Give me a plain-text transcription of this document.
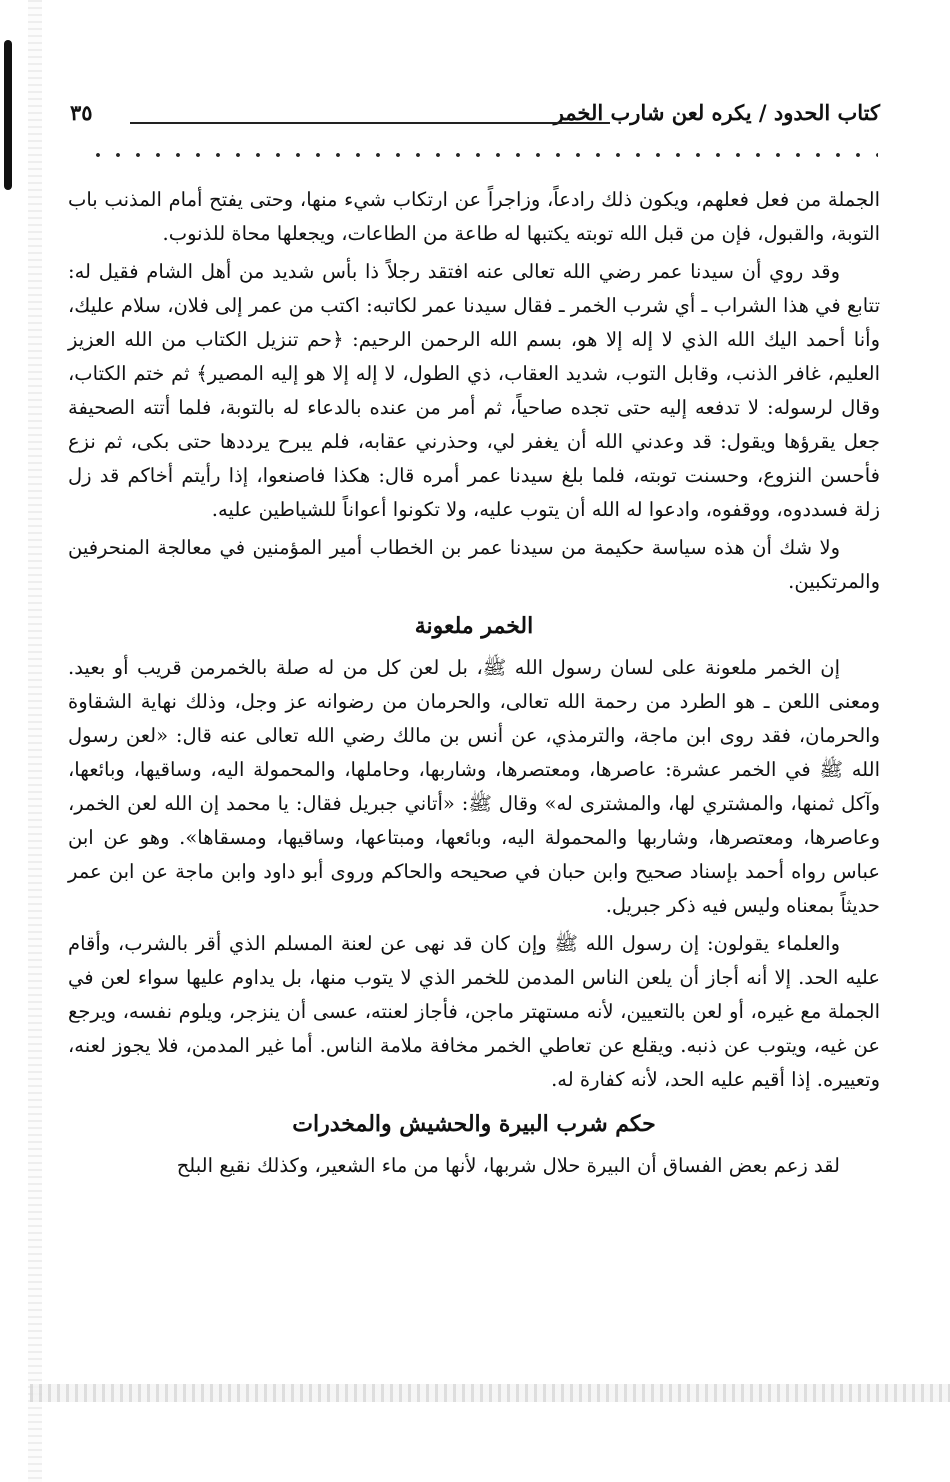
كتاب الحدود / يكره لعن شارب الخمر
٣٥

الجملة من فعل فعلهم، ويكون ذلك رادعاً، وزاجراً عن ارتكاب شيء منها، وحتى يفتح أمام المذنب باب التوبة، والقبول، فإن من قبل الله توبته يكتبها له طاعة من الطاعات، ويجعلها محاة للذنوب.

وقد روي أن سيدنا عمر رضي الله تعالى عنه افتقد رجلاً ذا بأس شديد من أهل الشام فقيل له: تتابع في هذا الشراب ـ أي شرب الخمر ـ فقال سيدنا عمر لكاتبه: اكتب من عمر إلى فلان، سلام عليك، وأنا أحمد اليك الله الذي لا إله إلا هو، بسم الله الرحمن الرحيم: ﴿حم تنزيل الكتاب من الله العزيز العليم، غافر الذنب، وقابل التوب، شديد العقاب، ذي الطول، لا إله إلا هو إليه المصير﴾ ثم ختم الكتاب، وقال لرسوله: لا تدفعه إليه حتى تجده صاحياً، ثم أمر من عنده بالدعاء له بالتوبة، فلما أتته الصحيفة جعل يقرؤها ويقول: قد وعدني الله أن يغفر لي، وحذرني عقابه، فلم يبرح يرددها حتى بكى، ثم نزع فأحسن النزوع، وحسنت توبته، فلما بلغ سيدنا عمر أمره قال: هكذا فاصنعوا، إذا رأيتم أخاكم قد زل زلة فسددوه، ووقفوه، وادعوا له الله أن يتوب عليه، ولا تكونوا أعواناً للشياطين عليه.

ولا شك أن هذه سياسة حكيمة من سيدنا عمر بن الخطاب أمير المؤمنين في معالجة المنحرفين والمرتكبين.

الخمر ملعونة

إن الخمر ملعونة على لسان رسول الله ﷺ، بل لعن كل من له صلة بالخمرمن قريب أو بعيد. ومعنى اللعن ـ هو الطرد من رحمة الله تعالى، والحرمان من رضوانه عز وجل، وذلك نهاية الشقاوة والحرمان، فقد روى ابن ماجة، والترمذي، عن أنس بن مالك رضي الله تعالى عنه قال: «لعن رسول الله ﷺ في الخمر عشرة: عاصرها، ومعتصرها، وشاربها، وحاملها، والمحمولة اليه، وساقيها، وبائعها، وآكل ثمنها، والمشتري لها، والمشترى له» وقال ﷺ: «أتاني جبريل فقال: يا محمد إن الله لعن الخمر، وعاصرها، ومعتصرها، وشاربها والمحمولة اليه، وبائعها، ومبتاعها، وساقيها، ومسقاها». وهو عن ابن عباس رواه أحمد بإسناد صحيح وابن حبان في صحيحه والحاكم وروى أبو داود وابن ماجة عن ابن عمر حديثاً بمعناه وليس فيه ذكر جبريل.

والعلماء يقولون: إن رسول الله ﷺ وإن كان قد نهى عن لعنة المسلم الذي أقر بالشرب، وأقام عليه الحد. إلا أنه أجاز أن يلعن الناس المدمن للخمر الذي لا يتوب منها، بل يداوم عليها سواء لعن في الجملة مع غيره، أو لعن بالتعيين، لأنه مستهتر ماجن، فأجاز لعنته، عسى أن ينزجر، ويلوم نفسه، ويرجع عن غيه، ويتوب عن ذنبه. ويقلع عن تعاطي الخمر مخافة ملامة الناس. أما غير المدمن، فلا يجوز لعنه، وتعييره. إذا أقيم عليه الحد، لأنه كفارة له.

حكم شرب البيرة والحشيش والمخدرات

لقد زعم بعض الفساق أن البيرة حلال شربها، لأنها من ماء الشعير، وكذلك نقيع البلح
